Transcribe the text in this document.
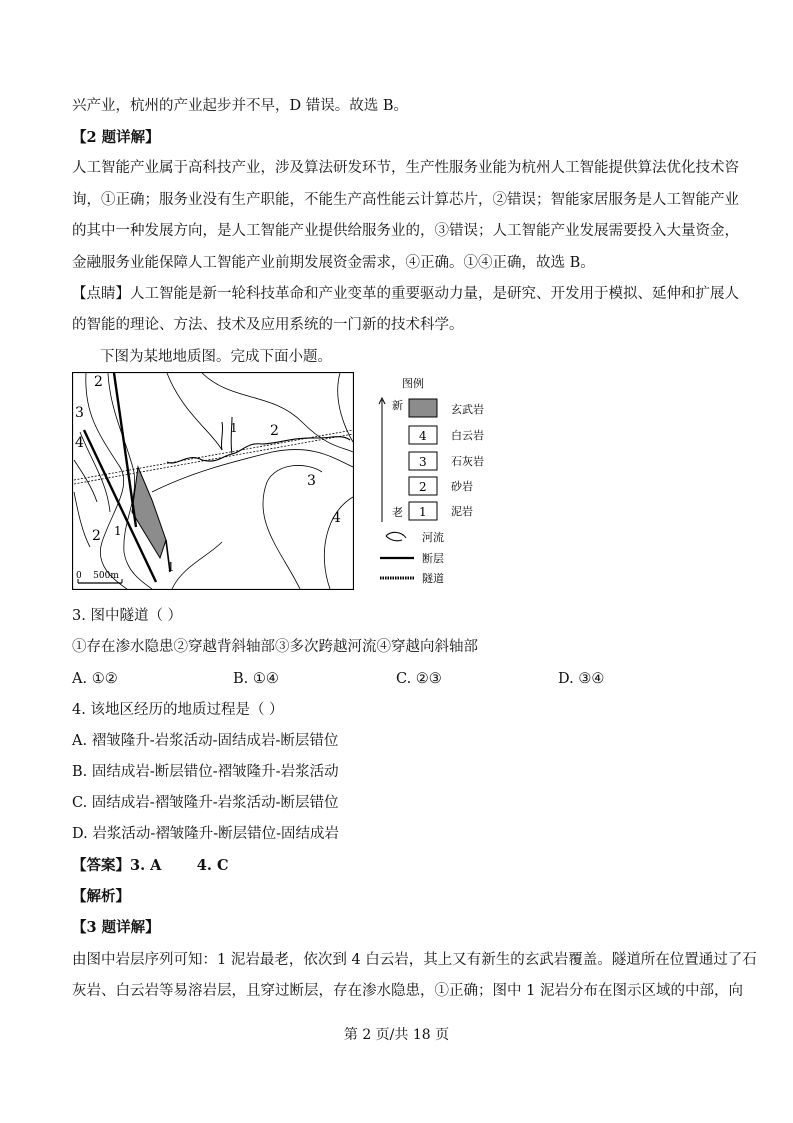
兴产业，杭州的产业起步并不早，D 错误。故选 B。
【2 题详解】
人工智能产业属于高科技产业，涉及算法研发环节，生产性服务业能为杭州人工智能提供算法优化技术咨
询，①正确；服务业没有生产职能，不能生产高性能云计算芯片，②错误；智能家居服务是人工智能产业
的其中一种发展方向，是人工智能产业提供给服务业的，③错误；人工智能产业发展需要投入大量资金，
金融服务业能保障人工智能产业前期发展资金需求，④正确。①④正确，故选 B。
【点睛】人工智能是新一轮科技革命和产业变革的重要驱动力量，是研究、开发用于模拟、延伸和扩展人
的智能的理论、方法、技术及应用系统的一门新的技术科学。
下图为某地地质图。完成下面小题。
2
3
4
1 2
3
4
2 1
1
0    500m
图例
新
老
4
3
2
1
玄武岩
白云岩
石灰岩
砂岩
泥岩
河流
断层
隧道
3. 图中隧道（ ）
①存在渗水隐患②穿越背斜轴部③多次跨越河流④穿越向斜轴部
A. ①②	B. ①④	C. ②③	D. ③④
4. 该地区经历的地质过程是（ ）
A. 褶皱隆升-岩浆活动-固结成岩-断层错位
B. 固结成岩-断层错位-褶皱隆升-岩浆活动
C. 固结成岩-褶皱隆升-岩浆活动-断层错位
D. 岩浆活动-褶皱隆升-断层错位-固结成岩
【答案】3. A       4. C
【解析】
【3 题详解】
由图中岩层序列可知：1 泥岩最老，依次到 4 白云岩，其上又有新生的玄武岩覆盖。隧道所在位置通过了石
灰岩、白云岩等易溶岩层，且穿过断层，存在渗水隐患，①正确；图中 1 泥岩分布在图示区域的中部，向
第 2 页/共 18 页
